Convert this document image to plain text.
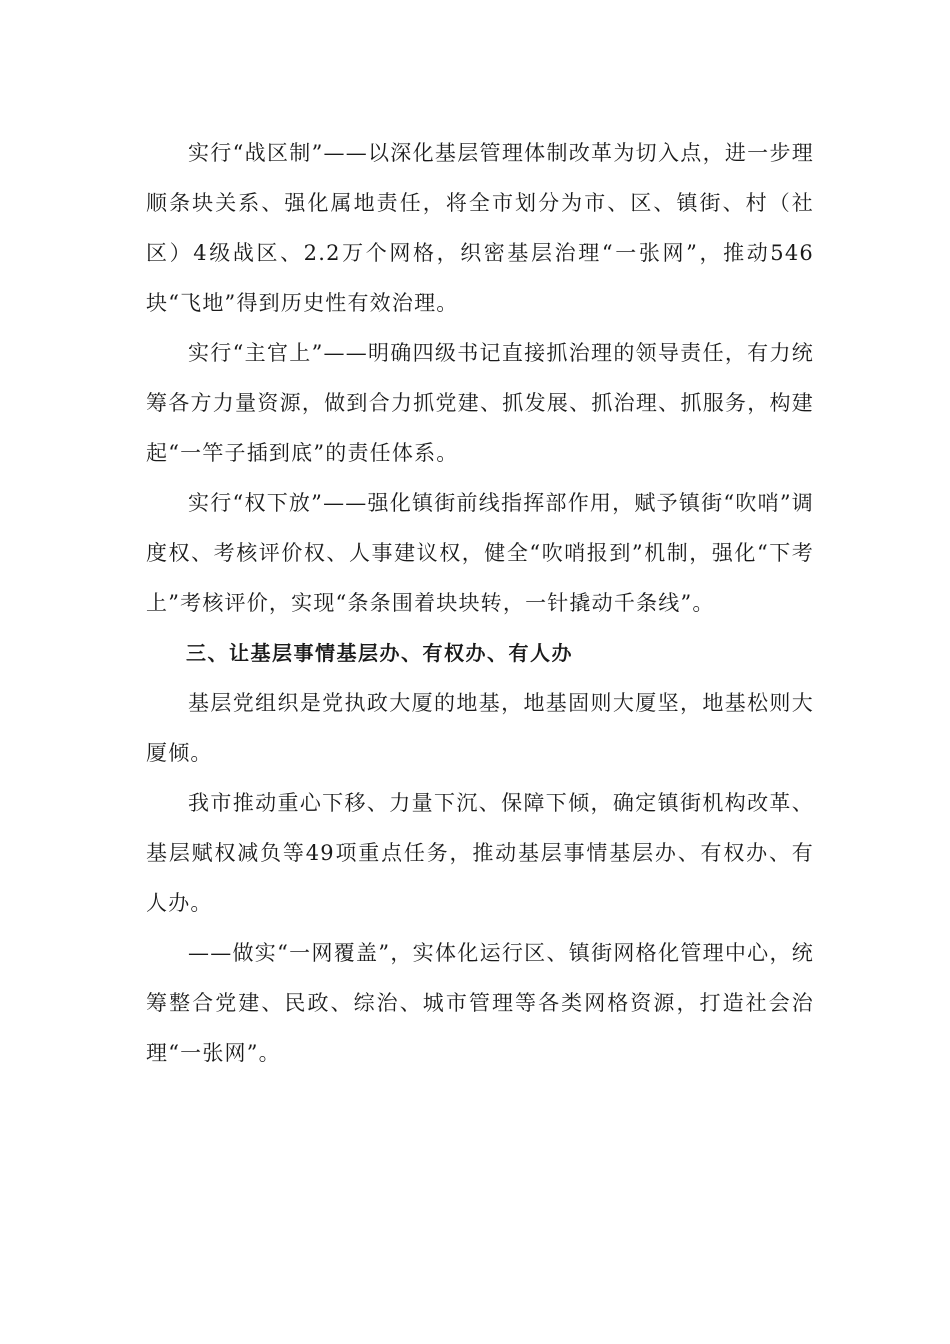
实行“战区制”——以深化基层管理体制改革为切入点，进一步理顺条块关系、强化属地责任，将全市划分为市、区、镇街、村（社区）4级战区、2.2万个网格，织密基层治理“一张网”，推动546块“飞地”得到历史性有效治理。

实行“主官上”——明确四级书记直接抓治理的领导责任，有力统筹各方力量资源，做到合力抓党建、抓发展、抓治理、抓服务，构建起“一竿子插到底”的责任体系。

实行“权下放”——强化镇街前线指挥部作用，赋予镇街“吹哨”调度权、考核评价权、人事建议权，健全“吹哨报到”机制，强化“下考上”考核评价，实现“条条围着块块转，一针撬动千条线”。

三、让基层事情基层办、有权办、有人办

基层党组织是党执政大厦的地基，地基固则大厦坚，地基松则大厦倾。

我市推动重心下移、力量下沉、保障下倾，确定镇街机构改革、基层赋权减负等49项重点任务，推动基层事情基层办、有权办、有人办。

——做实“一网覆盖”，实体化运行区、镇街网格化管理中心，统筹整合党建、民政、综治、城市管理等各类网格资源，打造社会治理“一张网”。
